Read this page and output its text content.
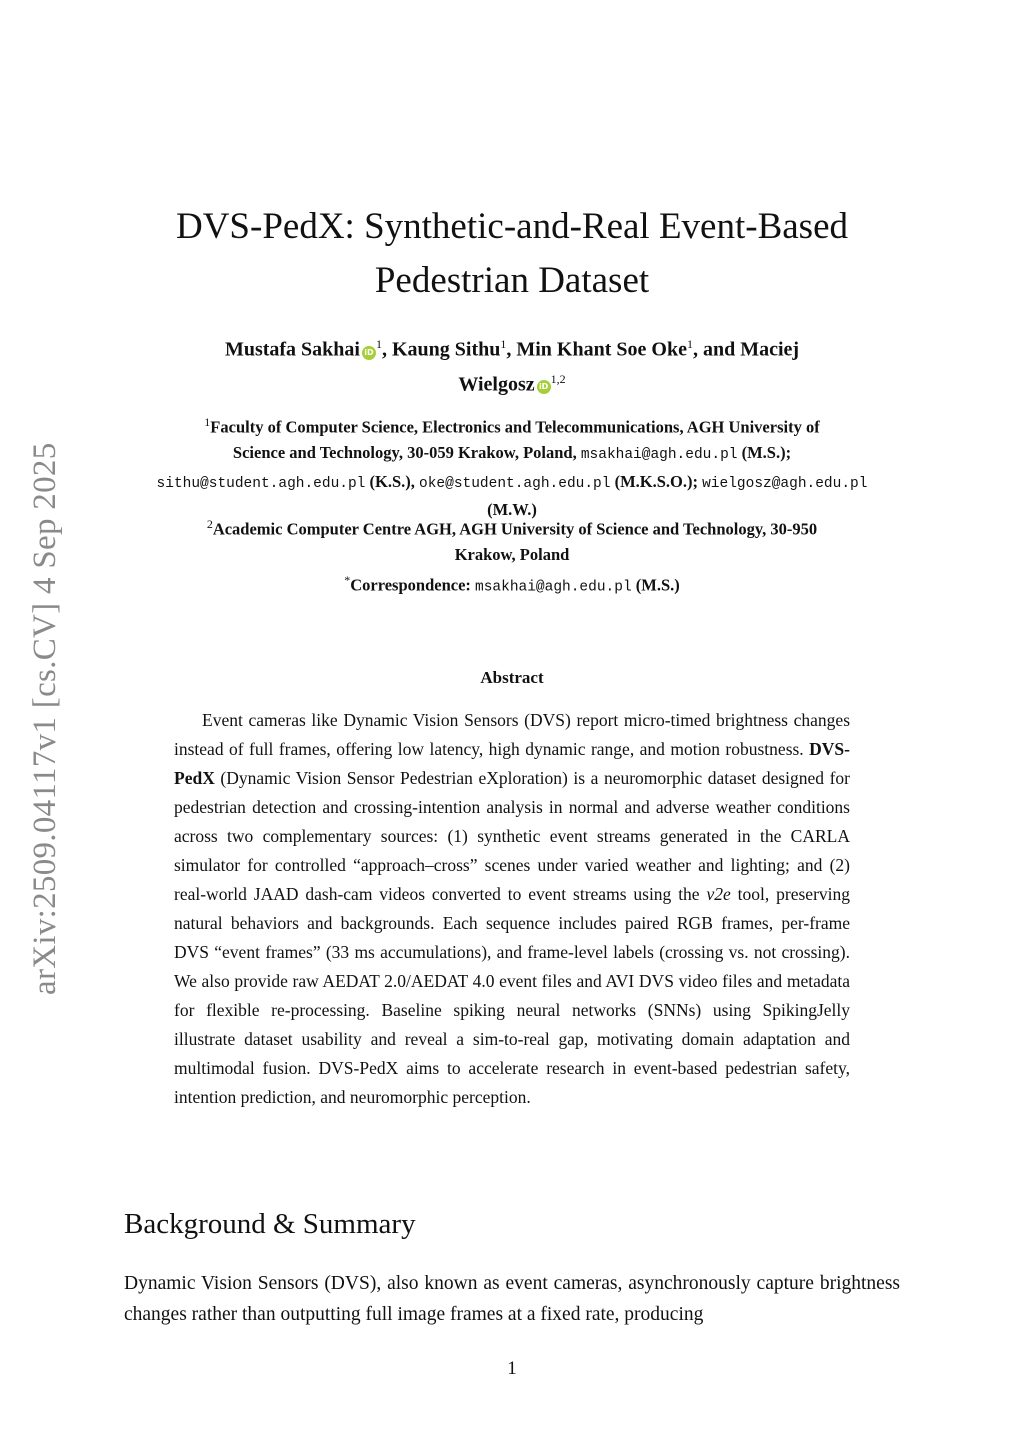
arXiv:2509.04117v1 [cs.CV] 4 Sep 2025
DVS-PedX: Synthetic-and-Real Event-Based
Pedestrian Dataset
Mustafa Sakhai $iD^1$, Kaung Sithu$^1$, Min Khant Soe Oke$^1$, and Maciej
Wielgosz iD$^{1,2}$
$^1$Faculty of Computer Science, Electronics and Telecommunications, AGH University of
Science and Technology, 30-059 Krakow, Poland, msakhai@agh.edu.pl (M.S.);
sithu@student.agh.edu.pl (K.S.), oke@student.agh.edu.pl (M.K.S.O.); wielgosz@agh.edu.pl
(M.W.)
$^2$Academic Computer Centre AGH, AGH University of Science and Technology, 30-950
Krakow, Poland
*Correspondence: msakhai@agh.edu.pl (M.S.)
Abstract

Event cameras like Dynamic Vision Sensors (DVS) report micro-timed brightness changes instead of full frames, offering low latency, high dynamic range, and motion robustness. DVS-PedX (Dynamic Vision Sensor Pedestrian eXploration) is a neuromorphic dataset designed for pedestrian detection and crossing-intention analysis in normal and adverse weather conditions across two complementary sources: (1) synthetic event streams generated in the CARLA simulator for controlled “approach–cross” scenes under varied weather and lighting; and (2) real-world JAAD dash-cam videos converted to event streams using the v2e tool, preserving natural behaviors and backgrounds. Each sequence includes paired RGB frames, per-frame DVS “event frames” (33 ms accumulations), and frame-level labels (crossing vs. not crossing). We also provide raw AEDAT 2.0/AEDAT 4.0 event files and AVI DVS video files and metadata for flexible re-processing. Baseline spiking neural networks (SNNs) using SpikingJelly illustrate dataset usability and reveal a sim-to-real gap, motivating domain adaptation and multimodal fusion. DVS-PedX aims to accelerate research in event-based pedestrian safety, intention prediction, and neuromorphic perception.

Background & Summary
Dynamic Vision Sensors (DVS), also known as event cameras, asynchronously capture brightness changes rather than outputting full image frames at a fixed rate, producing
1
